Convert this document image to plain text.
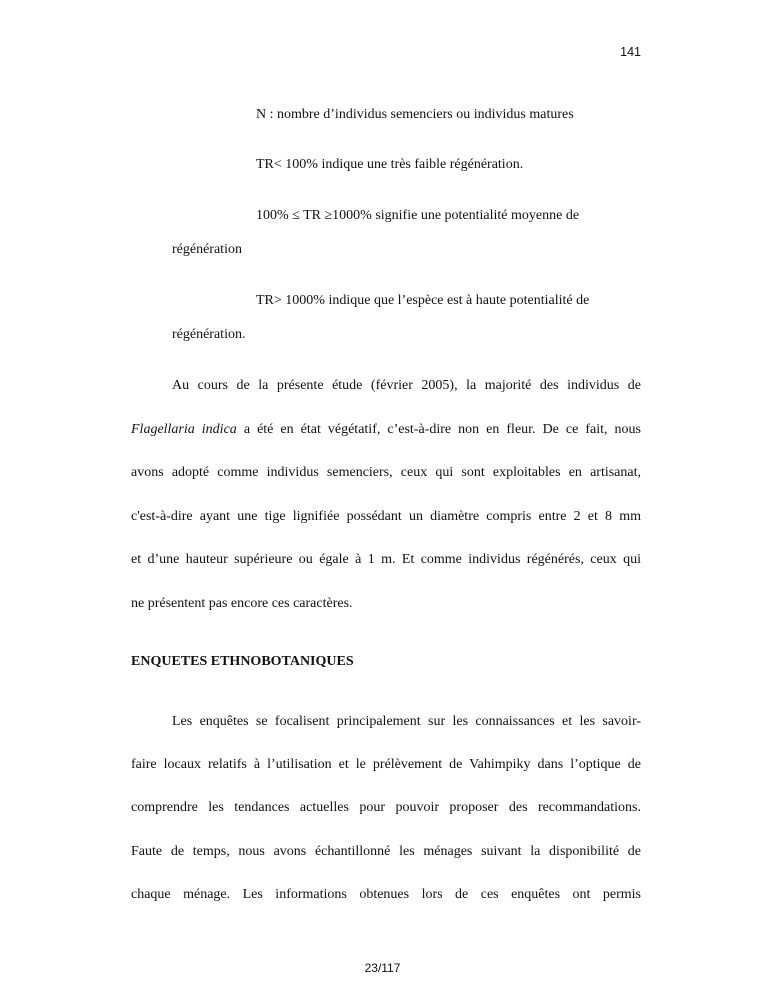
141
N : nombre d’individus semenciers ou individus matures
TR< 100% indique une très faible régénération.
100% ≤ TR ≥1000% signifie une potentialité moyenne de
régénération
TR> 1000% indique que l’espèce est à haute potentialité de
régénération.
Au cours de la présente étude (février 2005), la majorité des individus de
Flagellaria indica a été en état végétatif, c’est-à-dire non en fleur. De ce fait, nous
avons adopté comme individus semenciers, ceux qui sont exploitables en artisanat,
c'est-à-dire ayant une tige lignifiée possédant un diamètre compris entre 2 et 8 mm
et d’une hauteur supérieure ou égale à 1 m. Et comme individus régénérés, ceux qui
ne présentent pas encore ces caractères.
ENQUETES ETHNOBOTANIQUES
Les enquêtes se focalisent principalement sur les connaissances et les savoir-
faire locaux relatifs à l’utilisation et le prélèvement de Vahimpiky dans l’optique de
comprendre les tendances actuelles pour pouvoir proposer des recommandations.
Faute de temps, nous avons échantillonné les ménages suivant la disponibilité de
chaque ménage. Les informations obtenues lors de ces enquêtes ont permis
23/117
